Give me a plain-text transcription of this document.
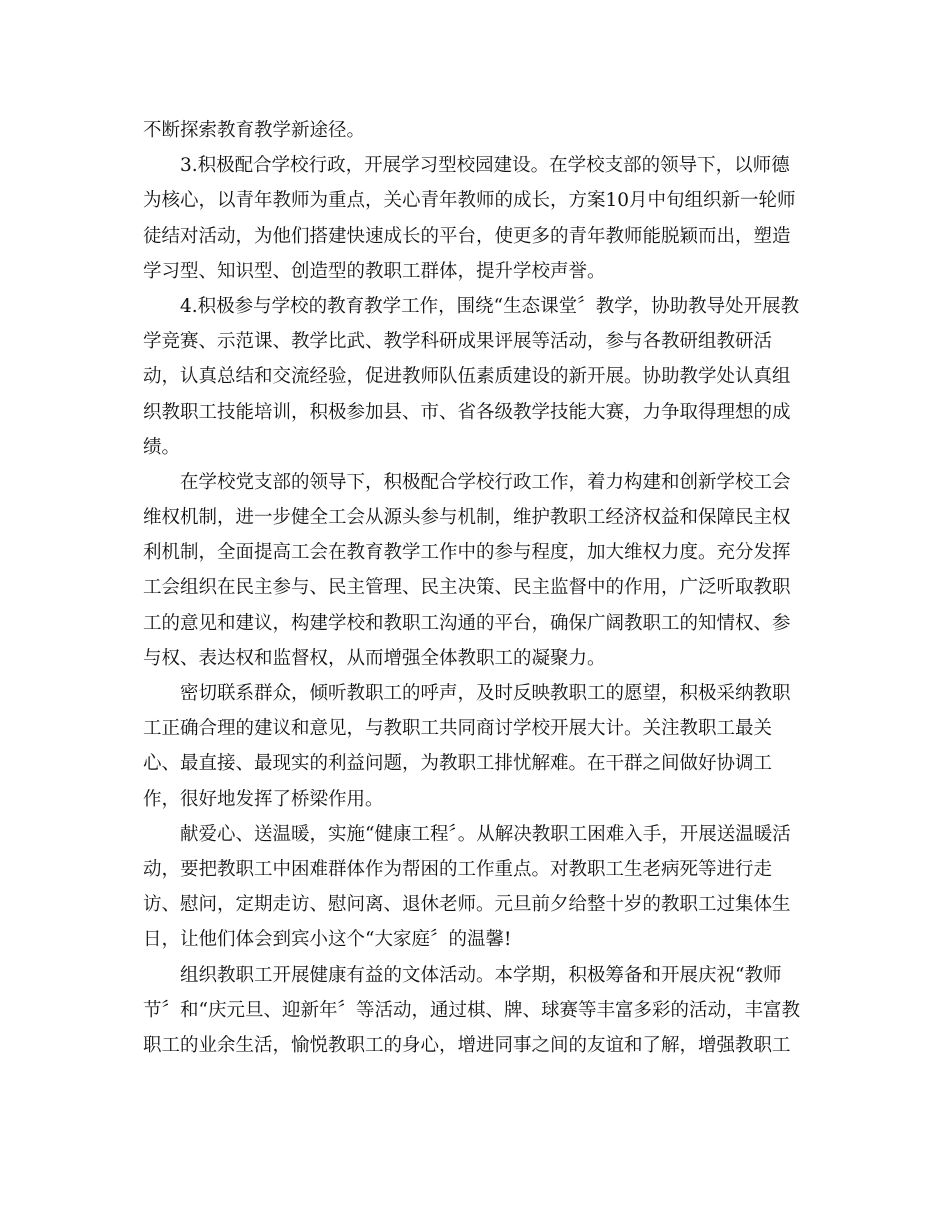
不断探索教育教学新途径。
3.积极配合学校行政，开展学习型校园建设。在学校支部的领导下，以师德
为核心，以青年教师为重点，关心青年教师的成长，方案10月中旬组织新一轮师
徒结对活动，为他们搭建快速成长的平台，使更多的青年教师能脱颖而出，塑造
学习型、知识型、创造型的教职工群体，提升学校声誉。
4.积极参与学校的教育教学工作，围绕“生态课堂〞教学，协助教导处开展教
学竞赛、示范课、教学比武、教学科研成果评展等活动，参与各教研组教研活
动，认真总结和交流经验，促进教师队伍素质建设的新开展。协助教学处认真组
织教职工技能培训，积极参加县、市、省各级教学技能大赛，力争取得理想的成
绩。
在学校党支部的领导下，积极配合学校行政工作，着力构建和创新学校工会
维权机制，进一步健全工会从源头参与机制，维护教职工经济权益和保障民主权
利机制，全面提高工会在教育教学工作中的参与程度，加大维权力度。充分发挥
工会组织在民主参与、民主管理、民主决策、民主监督中的作用，广泛听取教职
工的意见和建议，构建学校和教职工沟通的平台，确保广阔教职工的知情权、参
与权、表达权和监督权，从而增强全体教职工的凝聚力。
密切联系群众，倾听教职工的呼声，及时反映教职工的愿望，积极采纳教职
工正确合理的建议和意见，与教职工共同商讨学校开展大计。关注教职工最关
心、最直接、最现实的利益问题，为教职工排忧解难。在干群之间做好协调工
作，很好地发挥了桥梁作用。
献爱心、送温暖，实施“健康工程〞。从解决教职工困难入手，开展送温暖活
动，要把教职工中困难群体作为帮困的工作重点。对教职工生老病死等进行走
访、慰问，定期走访、慰问离、退休老师。元旦前夕给整十岁的教职工过集体生
日，让他们体会到宾小这个“大家庭〞的温馨!
组织教职工开展健康有益的文体活动。本学期，积极筹备和开展庆祝“教师
节〞和“庆元旦、迎新年〞等活动，通过棋、牌、球赛等丰富多彩的活动，丰富教
职工的业余生活，愉悦教职工的身心，增进同事之间的友谊和了解，增强教职工
